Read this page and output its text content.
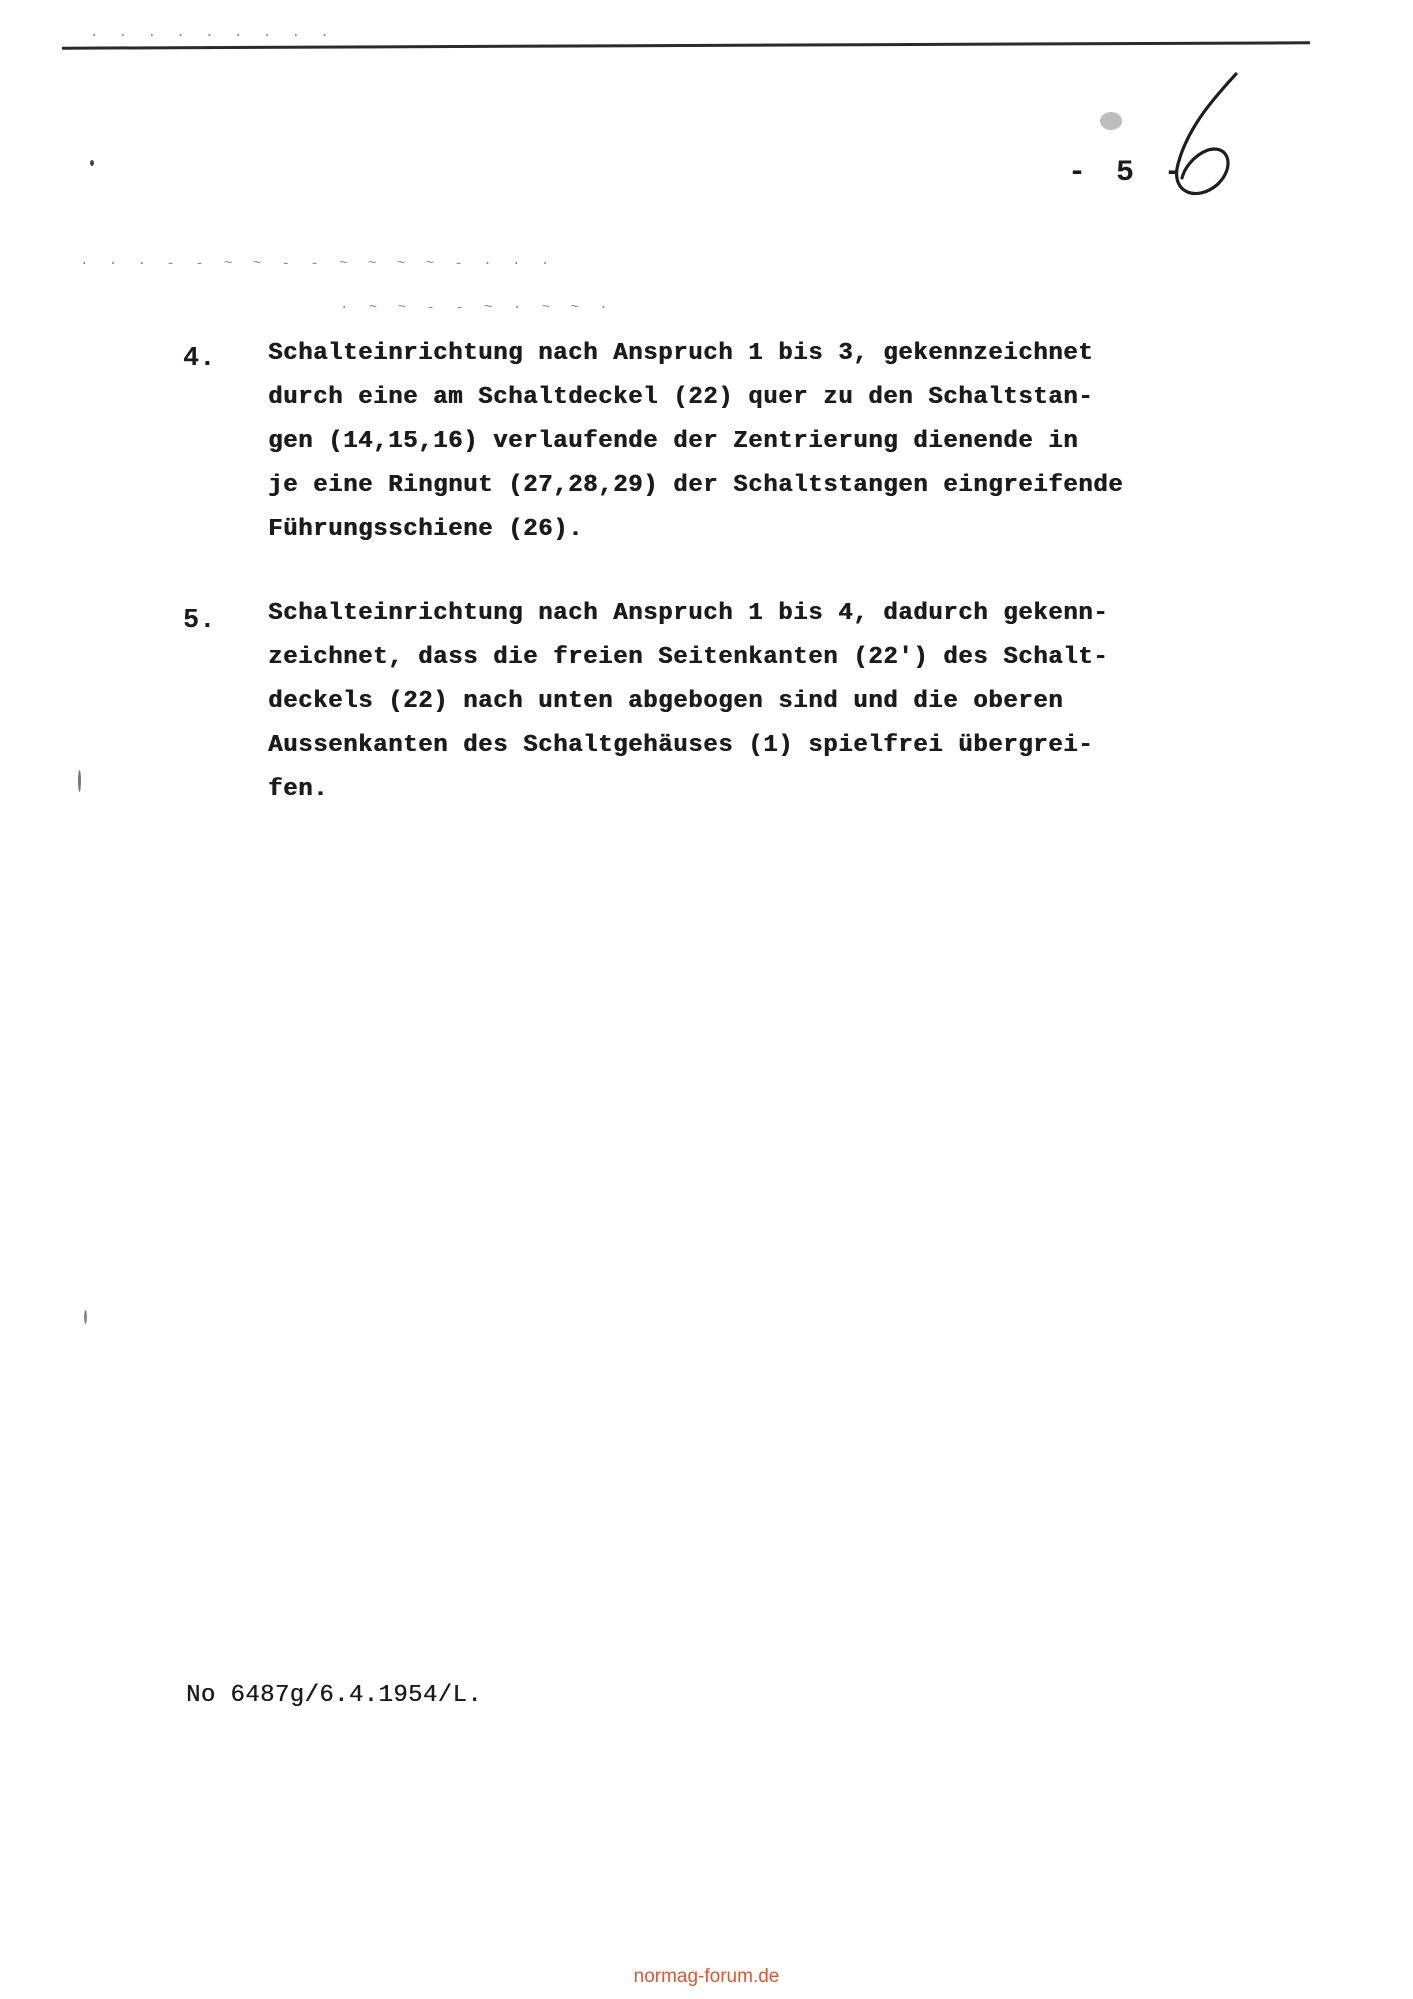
· · · · · · · · ·
· · · - - ~ ~ - - ~ ~ ~ ~ - · · ·
· ~ ~ - - ~ · ~ ~ ·
- 5 -
4. Schalteinrichtung nach Anspruch 1 bis 3, gekennzeichnet
durch eine am Schaltdeckel (22) quer zu den Schaltstan-
gen (14,15,16) verlaufende der Zentrierung dienende in
je eine Ringnut (27,28,29) der Schaltstangen eingreifende
Führungsschiene (26).
5. Schalteinrichtung nach Anspruch 1 bis 4, dadurch gekenn-
zeichnet, dass die freien Seitenkanten (22') des Schalt-
deckels (22) nach unten abgebogen sind und die oberen
Aussenkanten des Schaltgehäuses (1) spielfrei übergrei-
fen.
No 6487g/6.4.1954/L.
normag-forum.de
